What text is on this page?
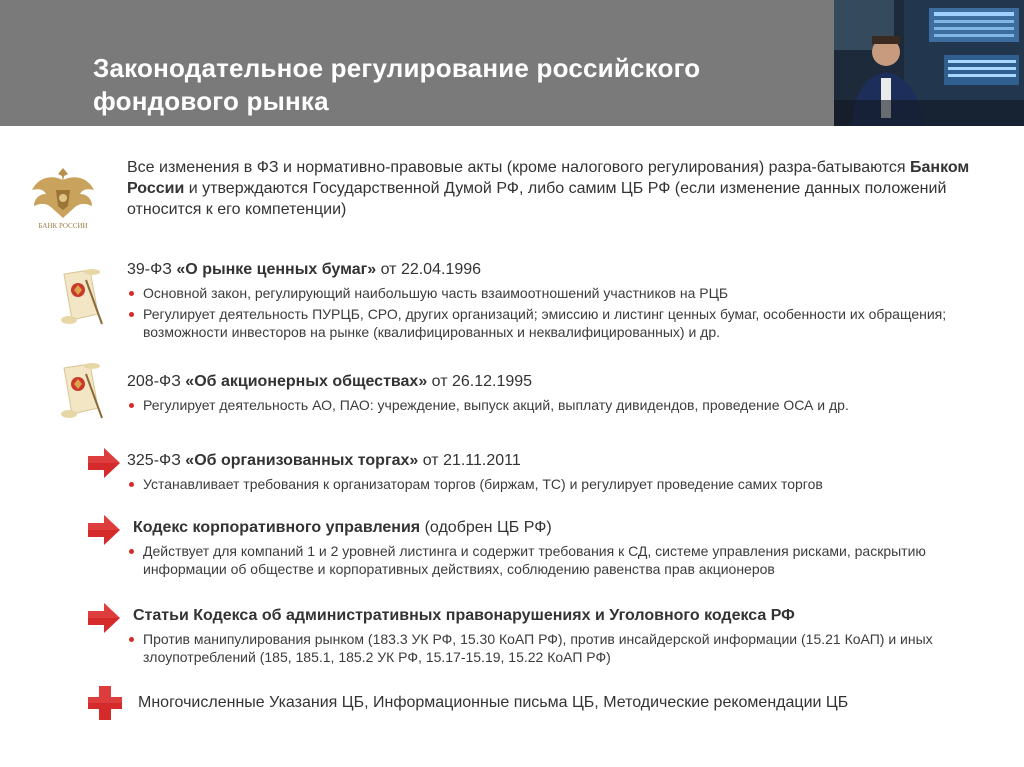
Законодательное регулирование российского
фондового рынка
БАНК РОССИИ
Все изменения в ФЗ и нормативно-правовые акты (кроме налогового регулирования) разра-батываются Банком России и утверждаются Государственной Думой РФ, либо самим ЦБ РФ (если изменение данных положений относится к его компетенции)
39-ФЗ «О рынке ценных бумаг» от 22.04.1996
Основной закон, регулирующий наибольшую часть взаимоотношений участников на РЦБ
Регулирует деятельность ПУРЦБ, СРО, других организаций; эмиссию и листинг ценных бумаг, особенности их обращения; возможности инвесторов на рынке (квалифицированных и неквалифицированных) и др.
208-ФЗ «Об акционерных обществах» от 26.12.1995
Регулирует деятельность АО, ПАО: учреждение, выпуск акций, выплату дивидендов, проведение ОСА и др.
325-ФЗ «Об организованных торгах» от 21.11.2011
Устанавливает требования к организаторам торгов (биржам, ТС) и регулирует проведение самих торгов
Кодекс корпоративного управления (одобрен ЦБ РФ)
Действует для компаний 1 и 2 уровней листинга и содержит требования к СД, системе управления рисками, раскрытию информации об обществе и корпоративных действиях, соблюдению равенства прав акционеров
Статьи Кодекса об административных правонарушениях и Уголовного кодекса РФ
Против манипулирования рынком (183.3 УК РФ, 15.30 КоАП РФ), против инсайдерской информации (15.21 КоАП) и иных злоупотреблений (185, 185.1, 185.2 УК РФ, 15.17-15.19, 15.22 КоАП РФ)
Многочисленные Указания ЦБ, Информационные письма ЦБ, Методические рекомендации ЦБ
